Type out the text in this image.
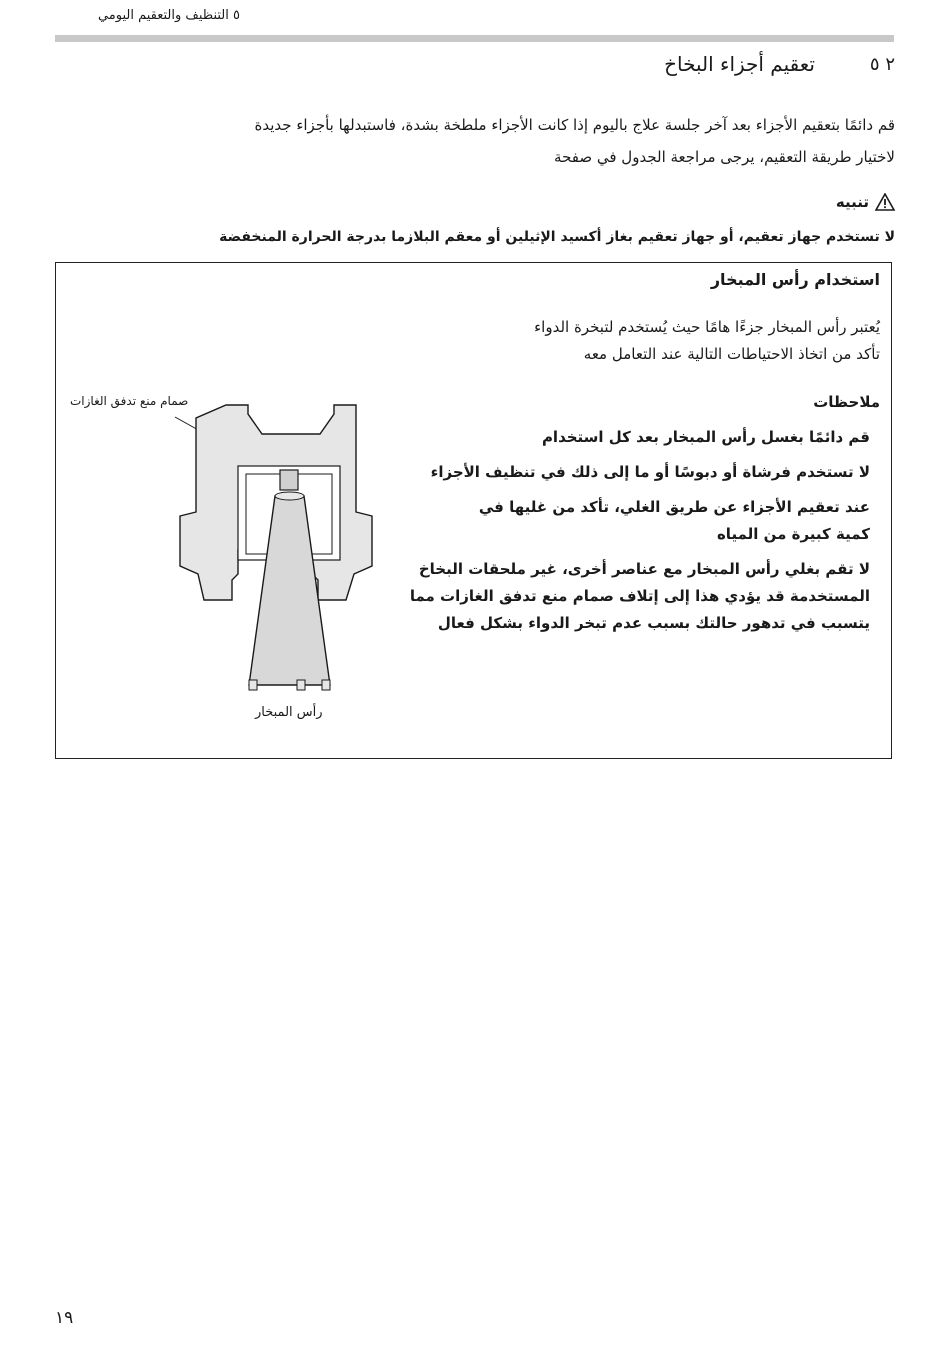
٥ التنظيف والتعقيم اليومي
تعقيم أجزاء البخاخ	٢ ٥
قم دائمًا بتعقيم الأجزاء بعد آخر جلسة علاج باليوم إذا كانت الأجزاء ملطخة بشدة، فاستبدلها بأجزاء جديدة
لاختيار طريقة التعقيم، يرجى مراجعة الجدول في صفحة
تنبيه
لا تستخدم جهاز تعقيم، أو جهاز تعقيم بغاز أكسيد الإثيلين أو معقم البلازما بدرجة الحرارة المنخفضة
استخدام رأس المبخار
يُعتبر رأس المبخار جزءًا هامًا حيث يُستخدم لتبخرة الدواء
تأكد من اتخاذ الاحتياطات التالية عند التعامل معه
ملاحظات
قم دائمًا بغسل رأس المبخار بعد كل استخدام
لا تستخدم فرشاة أو دبوسًا أو ما إلى ذلك في تنظيف الأجزاء
عند تعقيم الأجزاء عن طريق الغلي، تأكد من غليها في
كمية كبيرة من المياه
لا تقم بغلي رأس المبخار مع عناصر أخرى، غير ملحقات البخاخ
المستخدمة قد يؤدي هذا إلى إتلاف صمام منع تدفق الغازات مما
يتسبب في تدهور حالتك بسبب عدم تبخر الدواء بشكل فعال
صمام منع تدفق الغازات
رأس المبخار
١٩
